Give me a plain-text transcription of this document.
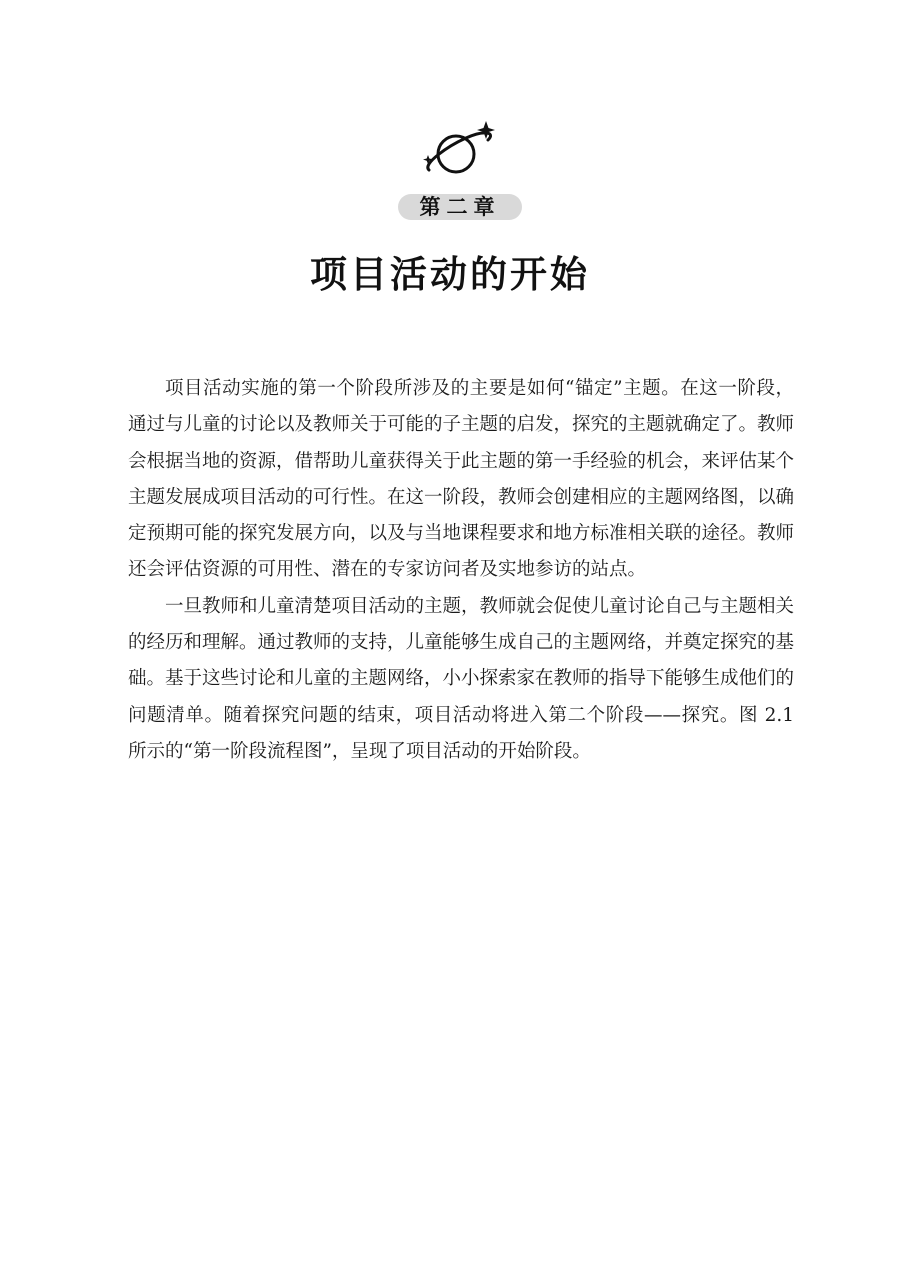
第二章
项目活动的开始

项目活动实施的第一个阶段所涉及的主要是如何“锚定”主题。在这一阶段，通过与儿童的讨论以及教师关于可能的子主题的启发，探究的主题就确定了。教师会根据当地的资源，借帮助儿童获得关于此主题的第一手经验的机会，来评估某个主题发展成项目活动的可行性。在这一阶段，教师会创建相应的主题网络图，以确定预期可能的探究发展方向，以及与当地课程要求和地方标准相关联的途径。教师还会评估资源的可用性、潜在的专家访问者及实地参访的站点。

一旦教师和儿童清楚项目活动的主题，教师就会促使儿童讨论自己与主题相关的经历和理解。通过教师的支持，儿童能够生成自己的主题网络，并奠定探究的基础。基于这些讨论和儿童的主题网络，小小探索家在教师的指导下能够生成他们的问题清单。随着探究问题的结束，项目活动将进入第二个阶段——探究。图 2.1 所示的“第一阶段流程图”，呈现了项目活动的开始阶段。
